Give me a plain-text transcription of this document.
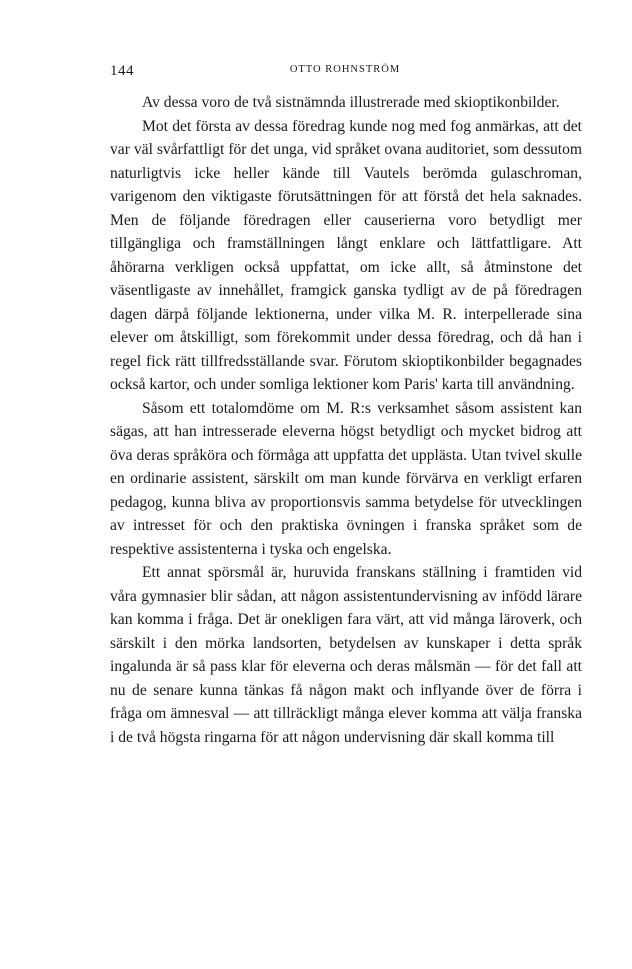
144	OTTO ROHNSTRÖM

Av dessa voro de två sistnämnda illustrerade med skioptikonbilder.

Mot det första av dessa föredrag kunde nog med fog anmärkas, att det var väl svårfattligt för det unga, vid språket ovana auditoriet, som dessutom naturligtvis icke heller kände till Vautels berömda gulaschroman, varigenom den viktigaste förutsättningen för att förstå det hela saknades. Men de följande föredragen eller causerierna voro betydligt mer tillgängliga och framställningen långt enklare och lättfattligare. Att åhörarna verkligen också uppfattat, om icke allt, så åtminstone det väsentligaste av innehållet, framgick ganska tydligt av de på föredragen dagen därpå följande lektionerna, under vilka M. R. interpellerade sina elever om åtskilligt, som förekommit under dessa föredrag, och då han i regel fick rätt tillfredsställande svar. Förutom skioptikonbilder begagnades också kartor, och under somliga lektioner kom Paris' karta till användning.

Såsom ett totalomdöme om M. R:s verksamhet såsom assistent kan sägas, att han intresserade eleverna högst betydligt och mycket bidrog att öva deras språköra och förmåga att uppfatta det upplästa. Utan tvivel skulle en ordinarie assistent, särskilt om man kunde förvärva en verkligt erfaren pedagog, kunna bliva av proportionsvis samma betydelse för utvecklingen av intresset för och den praktiska övningen i franska språket som de respektive assistenterna i tyska och engelska.

Ett annat spörsmål är, huruvida franskans ställning i framtiden vid våra gymnasier blir sådan, att någon assistentundervisning av infödd lärare kan komma i fråga. Det är onekligen fara värt, att vid många läroverk, och särskilt i den mörka landsorten, betydelsen av kunskaper i detta språk ingalunda är så pass klar för eleverna och deras målsmän — för det fall att nu de senare kunna tänkas få någon makt och inflyande över de förra i fråga om ämnesval — att tillräckligt många elever komma att välja franska i de två högsta ringarna för att någon undervisning där skall komma till
